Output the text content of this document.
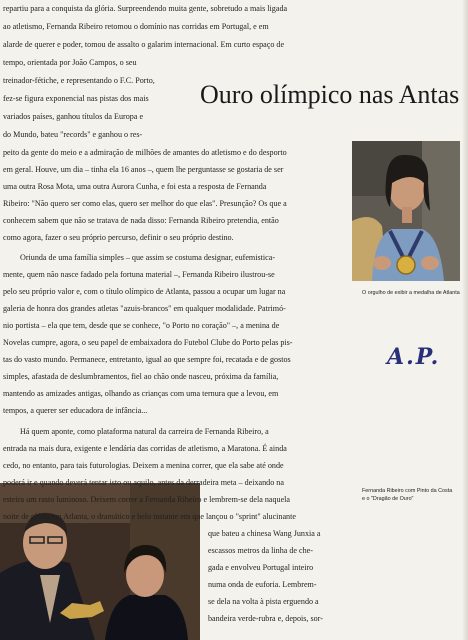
Ouro olímpico nas Antas
O orgulho de exibir a medalha de Atlanta
A.P.
Fernanda Ribeiro com Pinto da Costa
e o "Dragão de Ouro"
repartiu para a conquista da glória. Surpreendendo muita gente, sobretudo a mais ligada
ao atletismo, Fernanda Ribeiro retomou o domínio nas corridas em Portugal, e em
alarde de querer e poder, tomou de assalto o galarim internacional. Em curto espaço de
tempo, orientada por João Campos, o seu
treinador-fétiche, e representando o F.C. Porto,
fez-se figura exponencial nas pistas dos mais
variados países, ganhou títulos da Europa e
do Mundo, bateu "records" e ganhou o res-
peito da gente do meio e a admiração de milhões de amantes do atletismo e do desporto
em geral. Houve, um dia – tinha ela 16 anos –, quem lhe perguntasse se gostaria de ser
uma outra Rosa Mota, uma outra Aurora Cunha, e foi esta a resposta de Fernanda
Ribeiro: "Não quero ser como elas, quero ser melhor do que elas". Presunção? Os que a
conhecem sabem que não se tratava de nada disso: Fernanda Ribeiro pretendia, então
como agora, fazer o seu próprio percurso, definir o seu próprio destino.
Oriunda de uma família simples – que assim se costuma designar, eufemistica-
mente, quem não nasce fadado pela fortuna material –, Fernanda Ribeiro ilustrou-se
pelo seu próprio valor e, com o título olímpico de Atlanta, passou a ocupar um lugar na
galeria de honra dos grandes atletas "azuis-brancos" em qualquer modalidade. Patrimó-
nio portista – ela que tem, desde que se conhece, "o Porto no coração" –, a menina de
Novelas cumpre, agora, o seu papel de embaixadora do Futebol Clube do Porto pelas pis-
tas do vasto mundo. Permanece, entretanto, igual ao que sempre foi, recatada e de gostos
simples, afastada de deslumbramentos, fiel ao chão onde nasceu, próxima da família,
mantendo as amizades antigas, olhando as crianças com uma ternura que a levou, em
tempos, a querer ser educadora de infância...
Há quem aponte, como plataforma natural da carreira de Fernanda Ribeiro, a
entrada na mais dura, exigente e lendária das corridas de atletismo, a Maratona. É ainda
cedo, no entanto, para tais futurologias. Deixem a menina correr, que ela sabe até onde
poderá ir e quando deverá tentar isto ou aquilo, antes da derradeira meta – deixando na
esteira um rasto luminoso. Deixem correr a Fernanda Ribeiro e lembrem-se dela naquela
noite de glória em Atlanta, o dramático e belo instante em que lançou o "sprint" alucinante
que bateu a chinesa Wang Junxia a
escassos metros da linha de che-
gada e envolveu Portugal inteiro
numa onda de euforia. Lembrem-
se dela na volta à pista erguendo a
bandeira verde-rubra e, depois, sor-
